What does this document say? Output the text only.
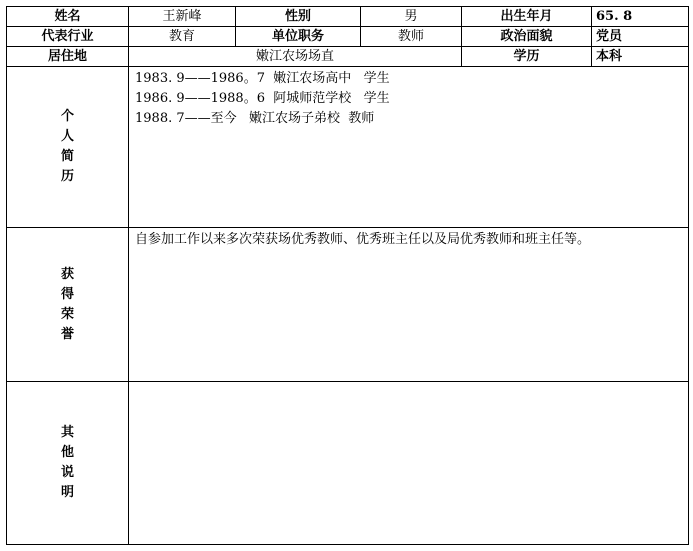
姓名	王新峰	性别	男	出生年月	65. 8
代表行业	教育	单位职务	教师	政治面貌	党员
居住地	嫩江农场场直			学历	本科

个
人
简
历	1983. 9——1986。7  嫩江农场高中   学生
1986. 9——1988。6  阿城师范学校   学生
1988. 7——至今   嫩江农场子弟校  教师				

获
得
荣
誉	自参加工作以来多次荣获场优秀教师、优秀班主任以及局优秀教师和班主任等。				

其
他
说
明					
